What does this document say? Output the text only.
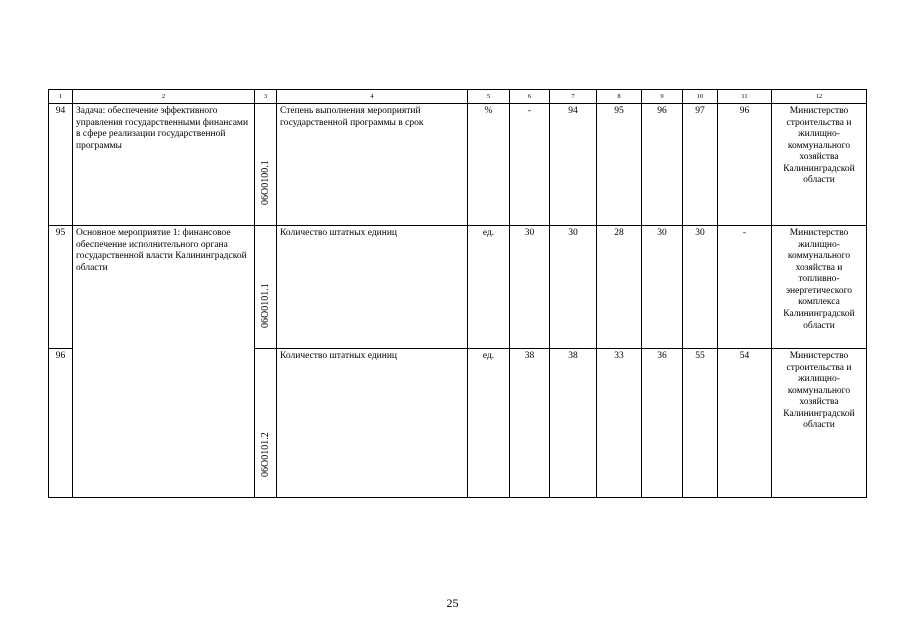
1	2	3	4	5	6	7	8	9	10	11	12
94	Задача: обеспечение эффективного управления государственными финансами в сфере реализации государственной программы	06О0100.1	Степень выполнения мероприятий государственной программы в срок	%	-	94	95	96	97	96	Министерство строительства и жилищно-коммунального хозяйства Калининградской области
95	Основное мероприятие 1: финансовое обеспечение исполнительного органа государственной власти Калининградской области	06О0101.1	Количество штатных единиц	ед.	30	30	28	30	30	-	Министерство жилищно-коммунального хозяйства и топливно-энергетического комплекса Калининградской области
96		06О0101.2	Количество штатных единиц	ед.	38	38	33	36	55	54	Министерство строительства и жилищно-коммунального хозяйства Калининградской области
25
